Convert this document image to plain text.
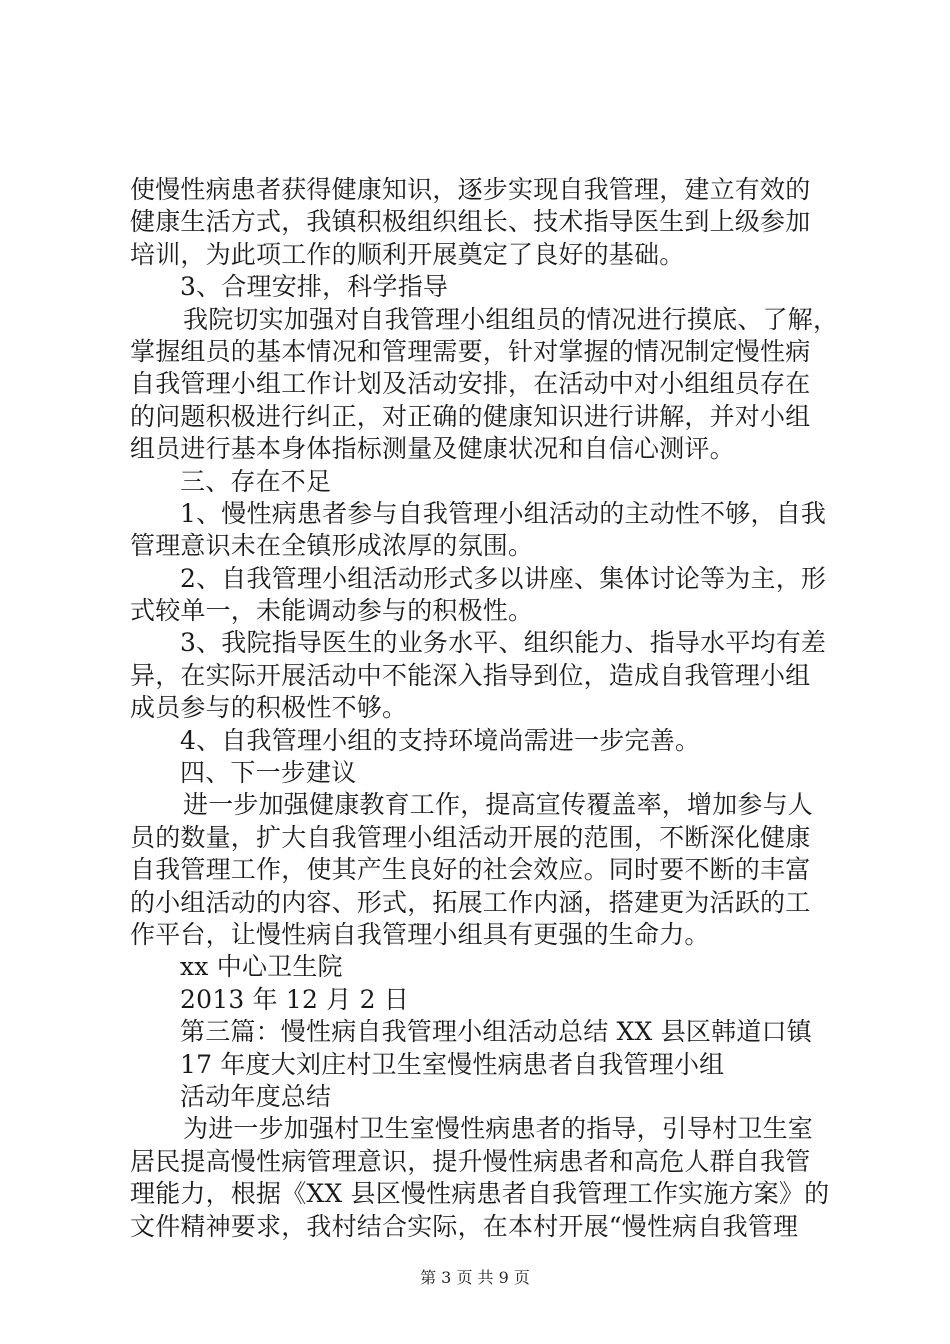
使慢性病患者获得健康知识，逐步实现自我管理，建立有效的
健康生活方式，我镇积极组织组长、技术指导医生到上级参加
培训，为此项工作的顺利开展奠定了良好的基础。
3、合理安排，科学指导
我院切实加强对自我管理小组组员的情况进行摸底、了解，
掌握组员的基本情况和管理需要，针对掌握的情况制定慢性病
自我管理小组工作计划及活动安排，在活动中对小组组员存在
的问题积极进行纠正，对正确的健康知识进行讲解，并对小组
组员进行基本身体指标测量及健康状况和自信心测评。
三、存在不足
1、慢性病患者参与自我管理小组活动的主动性不够，自我
管理意识未在全镇形成浓厚的氛围。
2、自我管理小组活动形式多以讲座、集体讨论等为主，形
式较单一，未能调动参与的积极性。
3、我院指导医生的业务水平、组织能力、指导水平均有差
异，在实际开展活动中不能深入指导到位，造成自我管理小组
成员参与的积极性不够。
4、自我管理小组的支持环境尚需进一步完善。
四、下一步建议
进一步加强健康教育工作，提高宣传覆盖率，增加参与人
员的数量，扩大自我管理小组活动开展的范围，不断深化健康
自我管理工作，使其产生良好的社会效应。同时要不断的丰富
的小组活动的内容、形式，拓展工作内涵，搭建更为活跃的工
作平台，让慢性病自我管理小组具有更强的生命力。
xx 中心卫生院
2013 年 12 月 2 日
第三篇：慢性病自我管理小组活动总结 XX 县区韩道口镇
17 年度大刘庄村卫生室慢性病患者自我管理小组
活动年度总结
为进一步加强村卫生室慢性病患者的指导，引导村卫生室
居民提高慢性病管理意识，提升慢性病患者和高危人群自我管
理能力，根据《XX 县区慢性病患者自我管理工作实施方案》的
文件精神要求，我村结合实际，在本村开展“慢性病自我管理
第 3 页 共 9 页
